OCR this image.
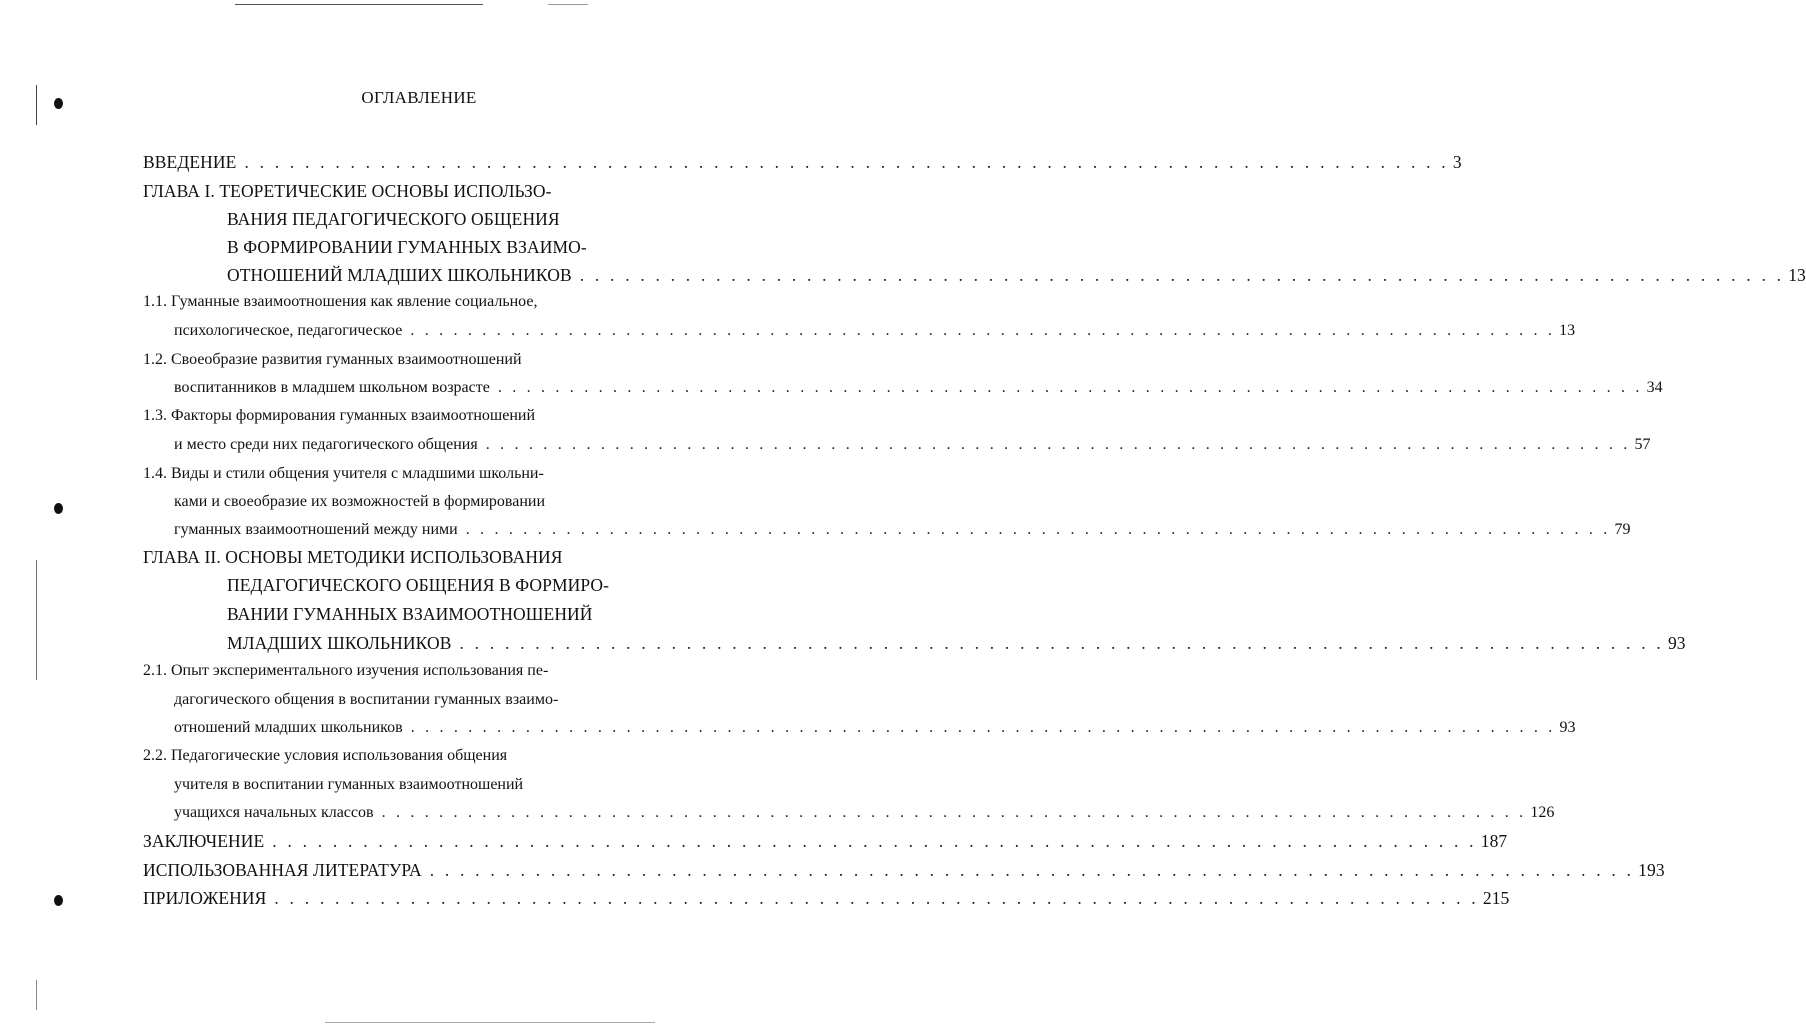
ОГЛАВЛЕНИЕ
ВВЕДЕНИЕ . . . . . . . . . . . . . . . . . . . . . . . . . . . . . . . . . . . . . . . . . . . . . . . . . . . . . . . . . . . . . . . . . . . . . . . . . . . . . . . . 3
ГЛАВА I. ТЕОРЕТИЧЕСКИЕ ОСНОВЫ ИСПОЛЬЗО-
ВАНИЯ ПЕДАГОГИЧЕСКОГО ОБЩЕНИЯ
В ФОРМИРОВАНИИ ГУМАННЫХ ВЗАИМО-
ОТНОШЕНИЙ МЛАДШИХ ШКОЛЬНИКОВ . . . . . . . . . . . . . . . . . . . . . . . . . . . . . . . . . . . . . . . . . . . . . . . . . . . . . . . . . . . . . . . . . . . . . . . . . . . . . . . . 13
1.1. Гуманные взаимоотношения как явление социальное,
психологическое, педагогическое . . . . . . . . . . . . . . . . . . . . . . . . . . . . . . . . . . . . . . . . . . . . . . . . . . . . . . . . . . . . . . . . . . . . . . . . . . . . . . . . 13
1.2. Своеобразие развития гуманных взаимоотношений
воспитанников в младшем школьном возрасте . . . . . . . . . . . . . . . . . . . . . . . . . . . . . . . . . . . . . . . . . . . . . . . . . . . . . . . . . . . . . . . . . . . . . . . . . . . . . . . . 34
1.3. Факторы формирования гуманных взаимоотношений
и место среди них педагогического общения . . . . . . . . . . . . . . . . . . . . . . . . . . . . . . . . . . . . . . . . . . . . . . . . . . . . . . . . . . . . . . . . . . . . . . . . . . . . . . . . 57
1.4. Виды и стили общения учителя с младшими школьни-
ками и своеобразие их возможностей в формировании
гуманных взаимоотношений между ними . . . . . . . . . . . . . . . . . . . . . . . . . . . . . . . . . . . . . . . . . . . . . . . . . . . . . . . . . . . . . . . . . . . . . . . . . . . . . . . . 79
ГЛАВА II. ОСНОВЫ МЕТОДИКИ ИСПОЛЬЗОВАНИЯ
ПЕДАГОГИЧЕСКОГО ОБЩЕНИЯ В ФОРМИРО-
ВАНИИ ГУМАННЫХ ВЗАИМООТНОШЕНИЙ
МЛАДШИХ ШКОЛЬНИКОВ . . . . . . . . . . . . . . . . . . . . . . . . . . . . . . . . . . . . . . . . . . . . . . . . . . . . . . . . . . . . . . . . . . . . . . . . . . . . . . . . 93
2.1. Опыт экспериментального изучения использования пе-
дагогического общения в воспитании гуманных взаимо-
отношений младших школьников . . . . . . . . . . . . . . . . . . . . . . . . . . . . . . . . . . . . . . . . . . . . . . . . . . . . . . . . . . . . . . . . . . . . . . . . . . . . . . . . 93
2.2. Педагогические условия использования общения
учителя в воспитании гуманных взаимоотношений
учащихся начальных классов . . . . . . . . . . . . . . . . . . . . . . . . . . . . . . . . . . . . . . . . . . . . . . . . . . . . . . . . . . . . . . . . . . . . . . . . . . . . . . . . 126
ЗАКЛЮЧЕНИЕ . . . . . . . . . . . . . . . . . . . . . . . . . . . . . . . . . . . . . . . . . . . . . . . . . . . . . . . . . . . . . . . . . . . . . . . . . . . . . . . . 187
ИСПОЛЬЗОВАННАЯ ЛИТЕРАТУРА . . . . . . . . . . . . . . . . . . . . . . . . . . . . . . . . . . . . . . . . . . . . . . . . . . . . . . . . . . . . . . . . . . . . . . . . . . . . . . . . 193
ПРИЛОЖЕНИЯ . . . . . . . . . . . . . . . . . . . . . . . . . . . . . . . . . . . . . . . . . . . . . . . . . . . . . . . . . . . . . . . . . . . . . . . . . . . . . . . . 215
